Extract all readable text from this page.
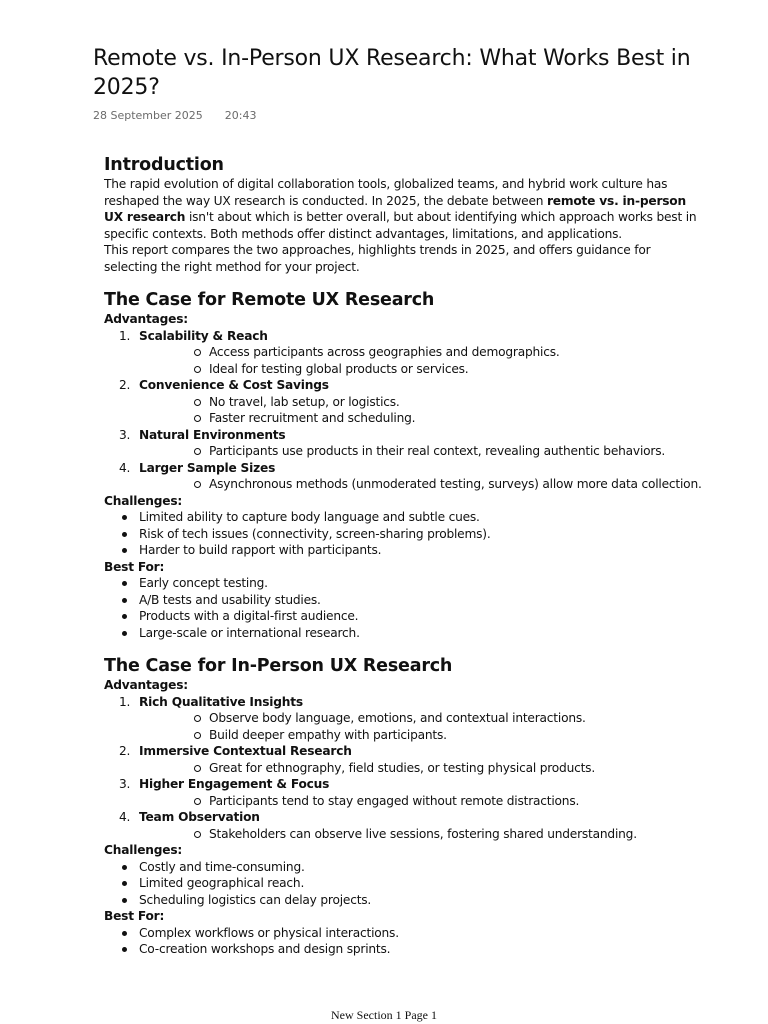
Remote vs. In-Person UX Research: What Works Best in 2025?
28 September 2025 20:43
Introduction

The rapid evolution of digital collaboration tools, globalized teams, and hybrid work culture has reshaped the way UX research is conducted. In 2025, the debate between remote vs. in-person UX research isn't about which is better overall, but about identifying which approach works best in specific contexts. Both methods offer distinct advantages, limitations, and applications.

This report compares the two approaches, highlights trends in 2025, and offers guidance for selecting the right method for your project.

The Case for Remote UX Research
Advantages:
1. Scalability & Reach
Access participants across geographies and demographics.
Ideal for testing global products or services.
2. Convenience & Cost Savings
No travel, lab setup, or logistics.
Faster recruitment and scheduling.
3. Natural Environments
Participants use products in their real context, revealing authentic behaviors.
4. Larger Sample Sizes
Asynchronous methods (unmoderated testing, surveys) allow more data collection.
Challenges:
Limited ability to capture body language and subtle cues.
Risk of tech issues (connectivity, screen-sharing problems).
Harder to build rapport with participants.
Best For:
Early concept testing.
A/B tests and usability studies.
Products with a digital-first audience.
Large-scale or international research.
The Case for In-Person UX Research
Advantages:
1. Rich Qualitative Insights
Observe body language, emotions, and contextual interactions.
Build deeper empathy with participants.
2. Immersive Contextual Research
Great for ethnography, field studies, or testing physical products.
3. Higher Engagement & Focus
Participants tend to stay engaged without remote distractions.
4. Team Observation
Stakeholders can observe live sessions, fostering shared understanding.
Challenges:
Costly and time-consuming.
Limited geographical reach.
Scheduling logistics can delay projects.
Best For:
Complex workflows or physical interactions.
Co-creation workshops and design sprints.
New Section 1 Page 1
